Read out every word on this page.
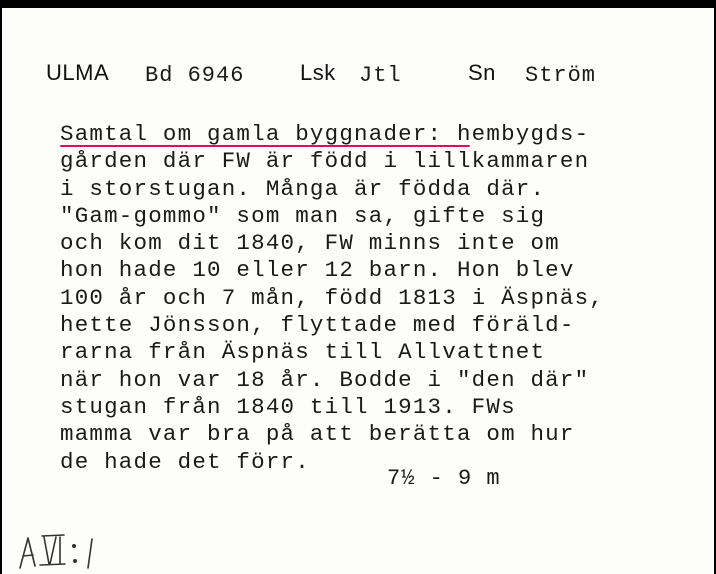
ULMA Bd 6946	Lsk Jtl	Sn Ström
Samtal om gamla byggnader: hembygds-
gården där FW är född i lillkammaren
i storstugan. Många är födda där.
"Gam-gommo" som man sa, gifte sig
och kom dit 1840, FW minns inte om
hon hade 10 eller 12 barn. Hon blev
100 år och 7 mån, född 1813 i Äspnäs,
hette Jönsson, flyttade med föräld-
rarna från Äspnäs till Allvattnet
när hon var 18 år. Bodde i "den där"
stugan från 1840 till 1913. FWs
mamma var bra på att berätta om hur
de hade det förr.
7½ - 9 m
